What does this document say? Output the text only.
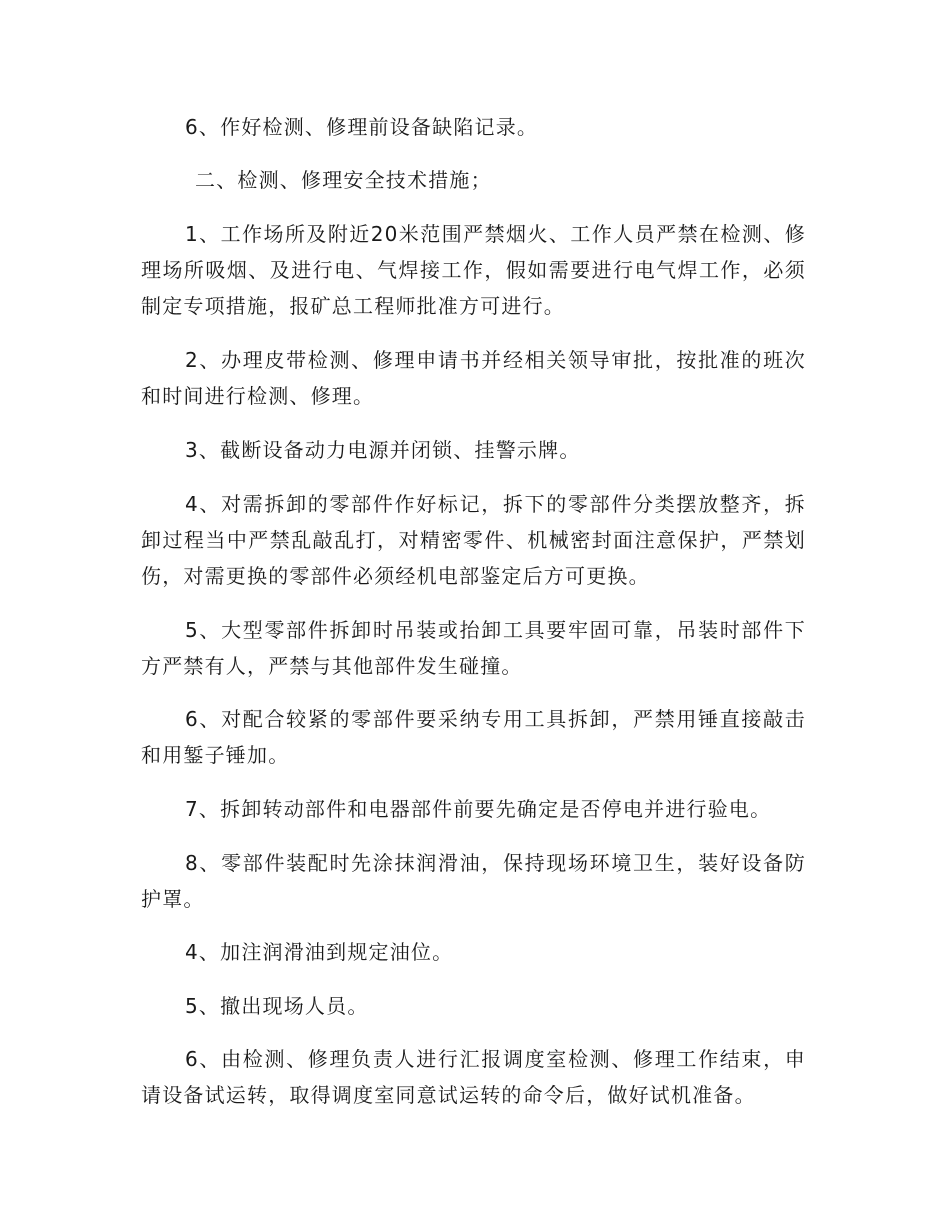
6、作好检测、修理前设备缺陷记录。

二、检测、修理安全技术措施；

1、工作场所及附近20米范围严禁烟火、工作人员严禁在检测、修理场所吸烟、及进行电、气焊接工作，假如需要进行电气焊工作，必须制定专项措施，报矿总工程师批准方可进行。

2、办理皮带检测、修理申请书并经相关领导审批，按批准的班次和时间进行检测、修理。

3、截断设备动力电源并闭锁、挂警示牌。

4、对需拆卸的零部件作好标记，拆下的零部件分类摆放整齐，拆卸过程当中严禁乱敲乱打，对精密零件、机械密封面注意保护，严禁划伤，对需更换的零部件必须经机电部鉴定后方可更换。

5、大型零部件拆卸时吊装或抬卸工具要牢固可靠，吊装时部件下方严禁有人，严禁与其他部件发生碰撞。

6、对配合较紧的零部件要采纳专用工具拆卸，严禁用锤直接敲击和用錾子锤加。

7、拆卸转动部件和电器部件前要先确定是否停电并进行验电。

8、零部件装配时先涂抹润滑油，保持现场环境卫生，装好设备防护罩。

4、加注润滑油到规定油位。

5、撤出现场人员。

6、由检测、修理负责人进行汇报调度室检测、修理工作结束，申请设备试运转，取得调度室同意试运转的命令后，做好试机准备。
